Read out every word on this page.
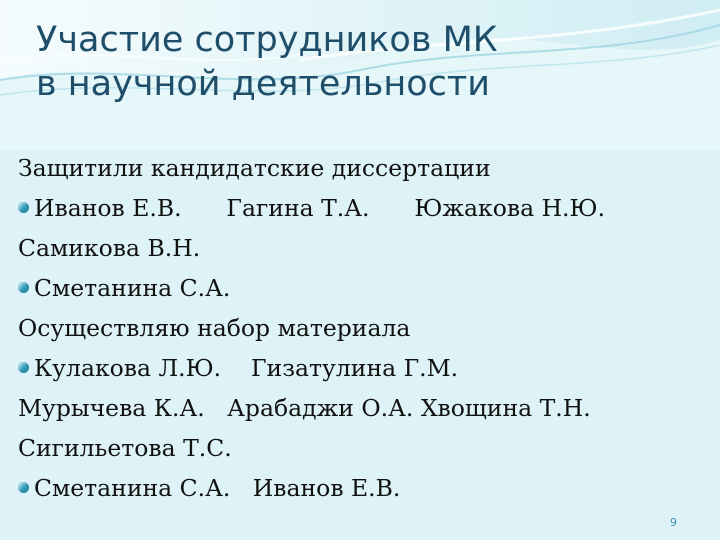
Участие сотрудников МК
в научной деятельности
Защитили кандидатские диссертации
Иванов Е.В.      Гагина Т.А.      Южакова Н.Ю.
Самикова В.Н.
Сметанина С.А.
Осуществляю набор материала
Кулакова Л.Ю.    Гизатулина Г.М.
Мурычева К.А.   Арабаджи О.А. Хвощина Т.Н.
Сигильетова Т.С.
Сметанина С.А.   Иванов Е.В.
9
